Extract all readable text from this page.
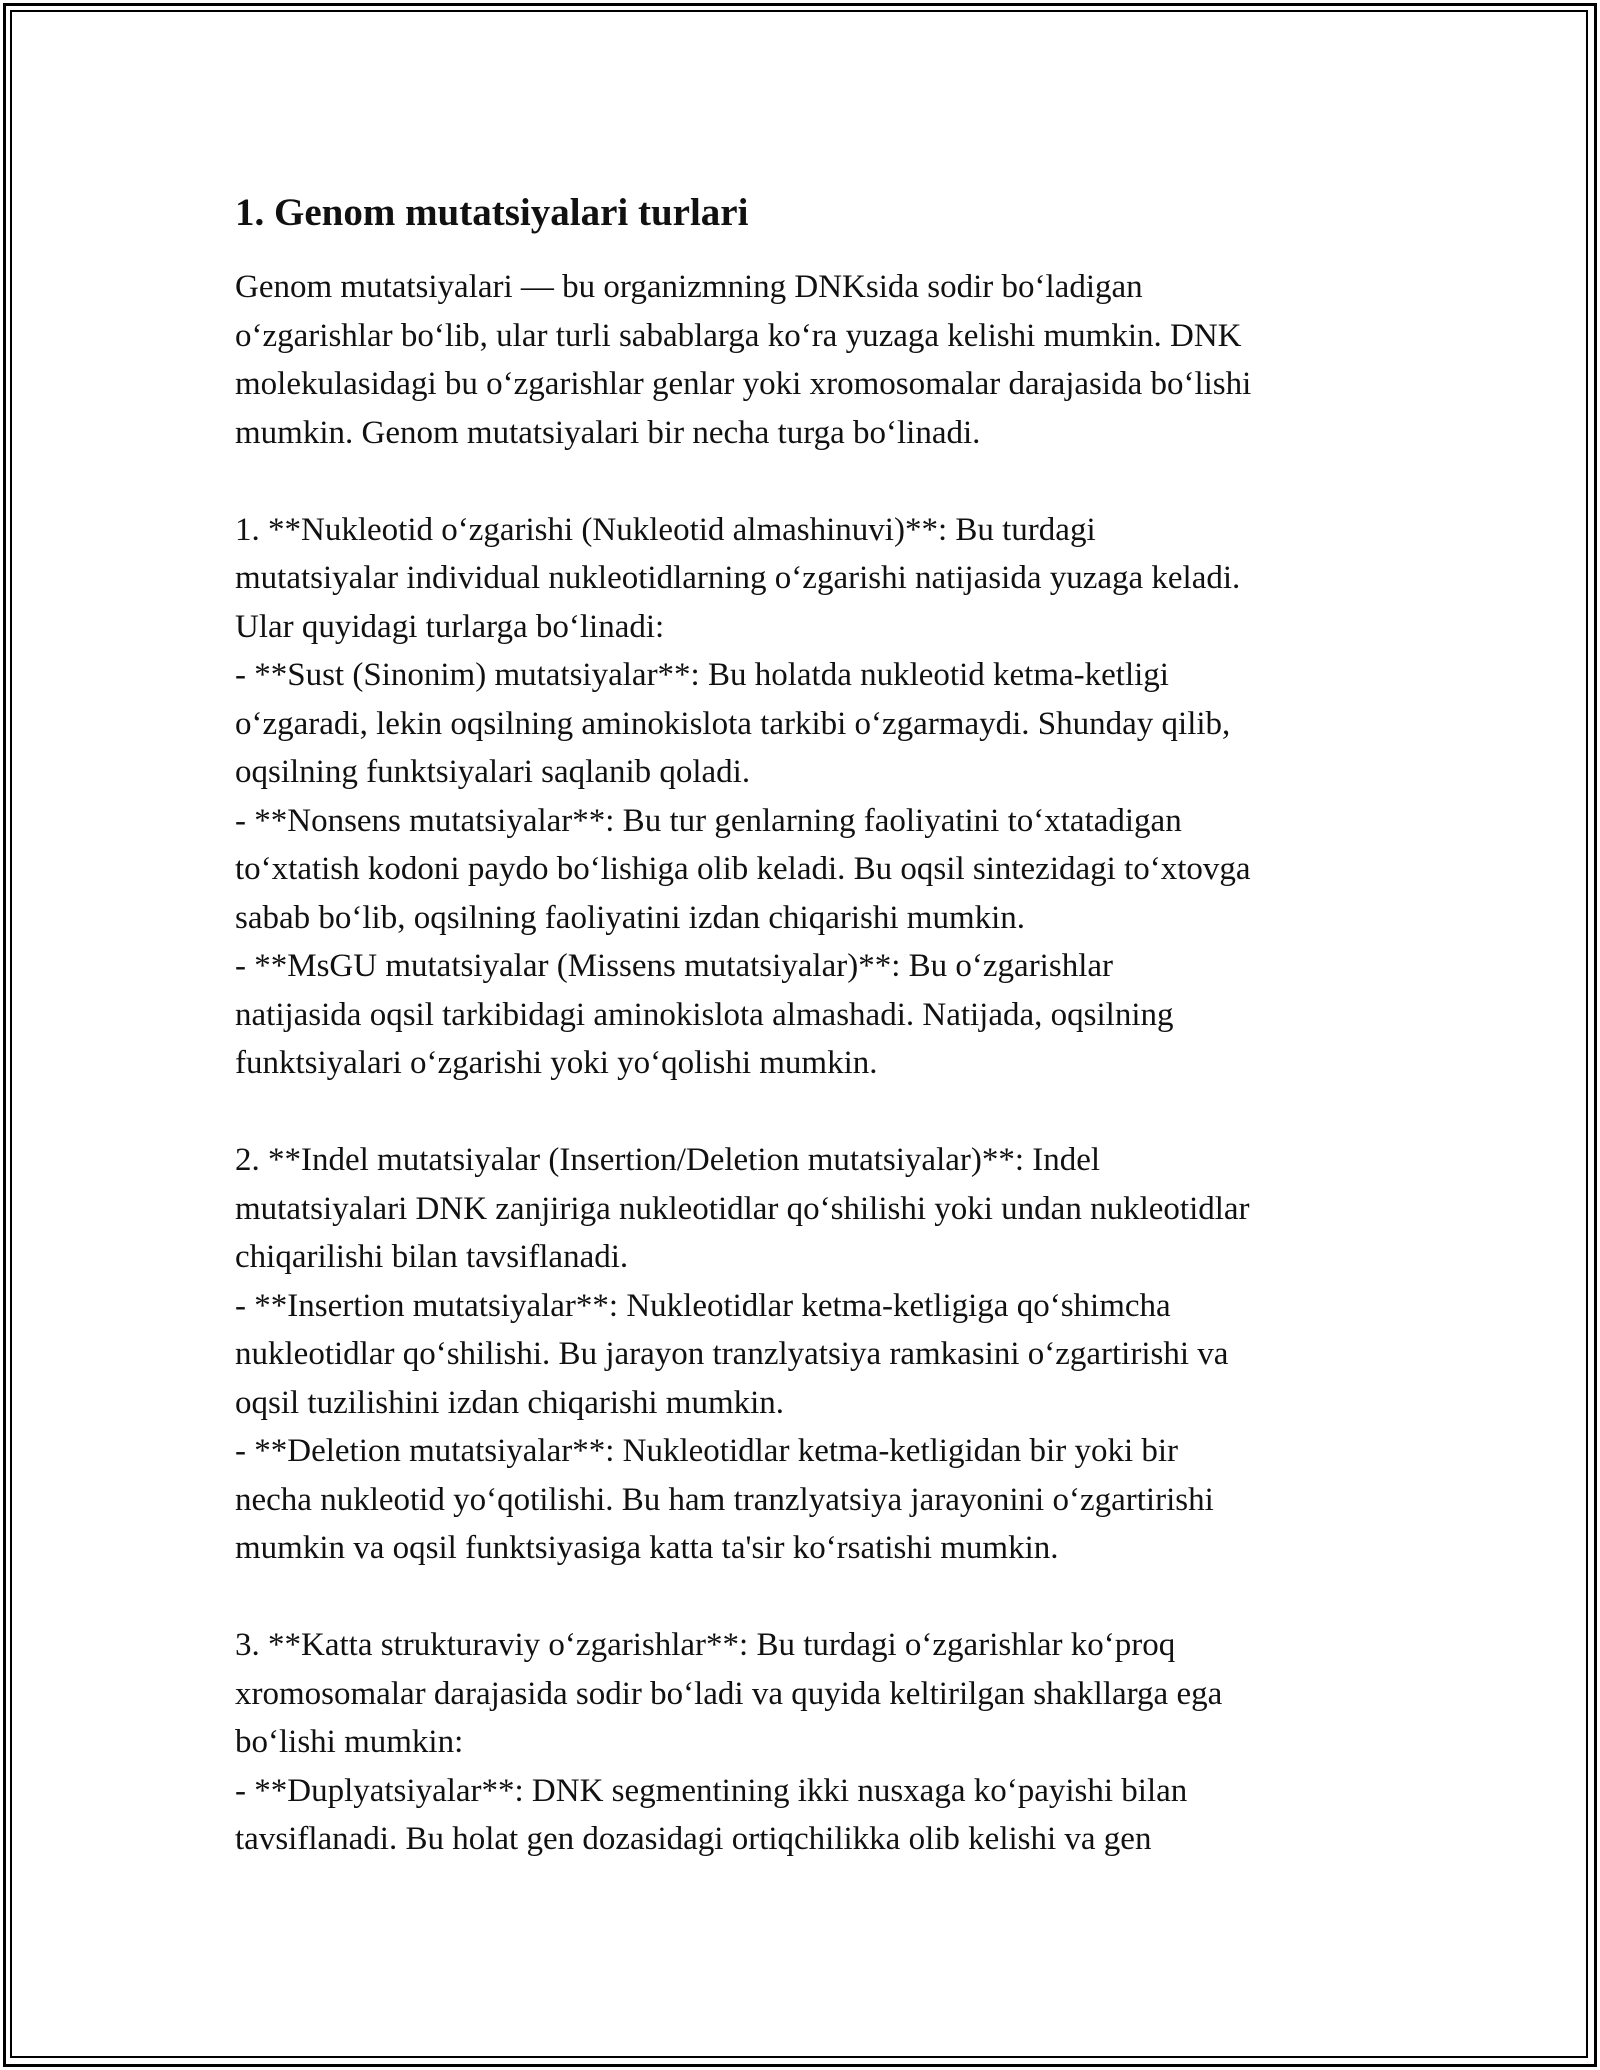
1. Genom mutatsiyalari turlari

Genom mutatsiyalari — bu organizmning DNKsida sodir boʻladigan
oʻzgarishlar boʻlib, ular turli sabablarga koʻra yuzaga kelishi mumkin. DNK
molekulasidagi bu oʻzgarishlar genlar yoki xromosomalar darajasida boʻlishi
mumkin. Genom mutatsiyalari bir necha turga boʻlinadi.

1. **Nukleotid oʻzgarishi (Nukleotid almashinuvi)**: Bu turdagi
mutatsiyalar individual nukleotidlarning oʻzgarishi natijasida yuzaga keladi.
Ular quyidagi turlarga boʻlinadi:
- **Sust (Sinonim) mutatsiyalar**: Bu holatda nukleotid ketma-ketligi
oʻzgaradi, lekin oqsilning aminokislota tarkibi oʻzgarmaydi. Shunday qilib,
oqsilning funktsiyalari saqlanib qoladi.
- **Nonsens mutatsiyalar**: Bu tur genlarning faoliyatini toʻxtatadigan
toʻxtatish kodoni paydo boʻlishiga olib keladi. Bu oqsil sintezidagi toʻxtovga
sabab boʻlib, oqsilning faoliyatini izdan chiqarishi mumkin.
- **MsGU mutatsiyalar (Missens mutatsiyalar)**: Bu oʻzgarishlar
natijasida oqsil tarkibidagi aminokislota almashadi. Natijada, oqsilning
funktsiyalari oʻzgarishi yoki yoʻqolishi mumkin.

2. **Indel mutatsiyalar (Insertion/Deletion mutatsiyalar)**: Indel
mutatsiyalari DNK zanjiriga nukleotidlar qoʻshilishi yoki undan nukleotidlar
chiqarilishi bilan tavsiflanadi.
- **Insertion mutatsiyalar**: Nukleotidlar ketma-ketligiga qoʻshimcha
nukleotidlar qoʻshilishi. Bu jarayon tranzlyatsiya ramkasini oʻzgartirishi va
oqsil tuzilishini izdan chiqarishi mumkin.
- **Deletion mutatsiyalar**: Nukleotidlar ketma-ketligidan bir yoki bir
necha nukleotid yoʻqotilishi. Bu ham tranzlyatsiya jarayonini oʻzgartirishi
mumkin va oqsil funktsiyasiga katta ta'sir koʻrsatishi mumkin.

3. **Katta strukturaviy oʻzgarishlar**: Bu turdagi oʻzgarishlar koʻproq
xromosomalar darajasida sodir boʻladi va quyida keltirilgan shakllarga ega
boʻlishi mumkin:
- **Duplyatsiyalar**: DNK segmentining ikki nusxaga koʻpayishi bilan
tavsiflanadi. Bu holat gen dozasidagi ortiqchilikka olib kelishi va gen
